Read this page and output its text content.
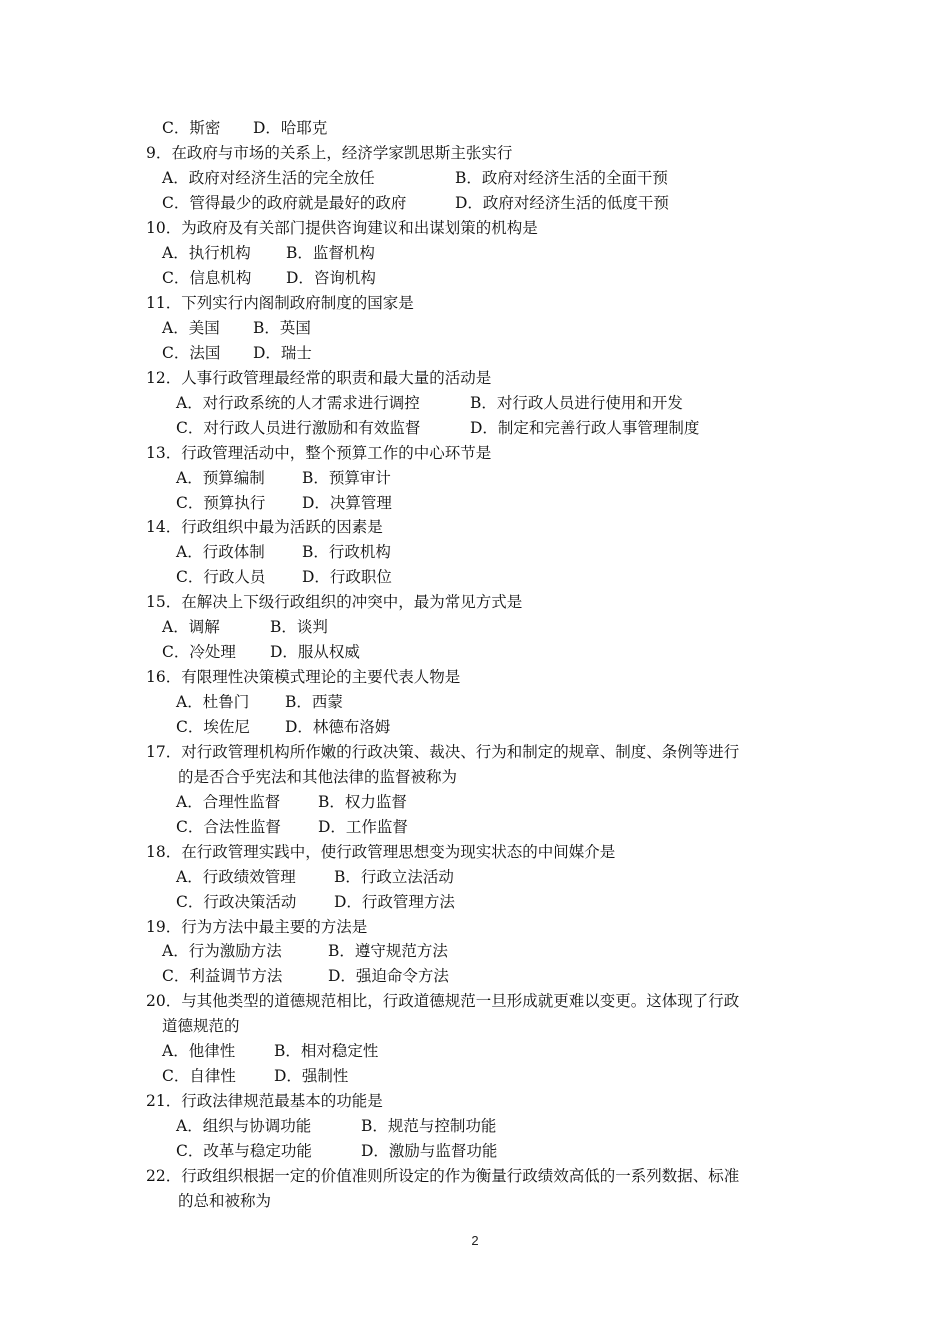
C．斯密 D．哈耶克
9．在政府与市场的关系上，经济学家凯思斯主张实行
A．政府对经济生活的完全放任	B．政府对经济生活的全面干预
C．管得最少的政府就是最好的政府	D．政府对经济生活的低度干预
10．为政府及有关部门提供咨询建议和出谋划策的机构是
A．执行机构 B．监督机构
C．信息机构 D．咨询机构
11．下列实行内阁制政府制度的国家是
A．美国 B．英国
C．法国 D．瑞士
12．人事行政管理最经常的职责和最大量的活动是
A．对行政系统的人才需求进行调控	B．对行政人员进行使用和开发
C．对行政人员进行激励和有效监督	D．制定和完善行政人事管理制度
13．行政管理活动中，整个预算工作的中心环节是
A．预算编制 B．预算审计
C．预算执行 D．决算管理
14．行政组织中最为活跃的因素是
A．行政体制 B．行政机构
C．行政人员 D．行政职位
15．在解决上下级行政组织的冲突中，最为常见方式是
A．调解	B．谈判
C．冷处理 D．服从权威
16．有限理性决策模式理论的主要代表人物是
A．杜鲁门 B．西蒙
C．埃佐尼 D．林德布洛姆
17．对行政管理机构所作嫩的行政决策、裁决、行为和制定的规章、制度、条例等进行
的是否合乎宪法和其他法律的监督被称为
A．合理性监督 B．权力监督
C．合法性监督 D．工作监督
18．在行政管理实践中，使行政管理思想变为现实状态的中间媒介是
A．行政绩效管理 B．行政立法活动
C．行政决策活动 D．行政管理方法
19．行为方法中最主要的方法是
A．行为激励方法	B．遵守规范方法
C．利益调节方法	D．强迫命令方法
20．与其他类型的道德规范相比，行政道德规范一旦形成就更难以变更。这体现了行政
道德规范的
A．他律性	B．相对稳定性
C．自律性 D．强制性
21．行政法律规范最基本的功能是
A．组织与协调功能	B．规范与控制功能
C．改革与稳定功能	D．激励与监督功能
22．行政组织根据一定的价值准则所设定的作为衡量行政绩效高低的一系列数据、标准
的总和被称为
2
